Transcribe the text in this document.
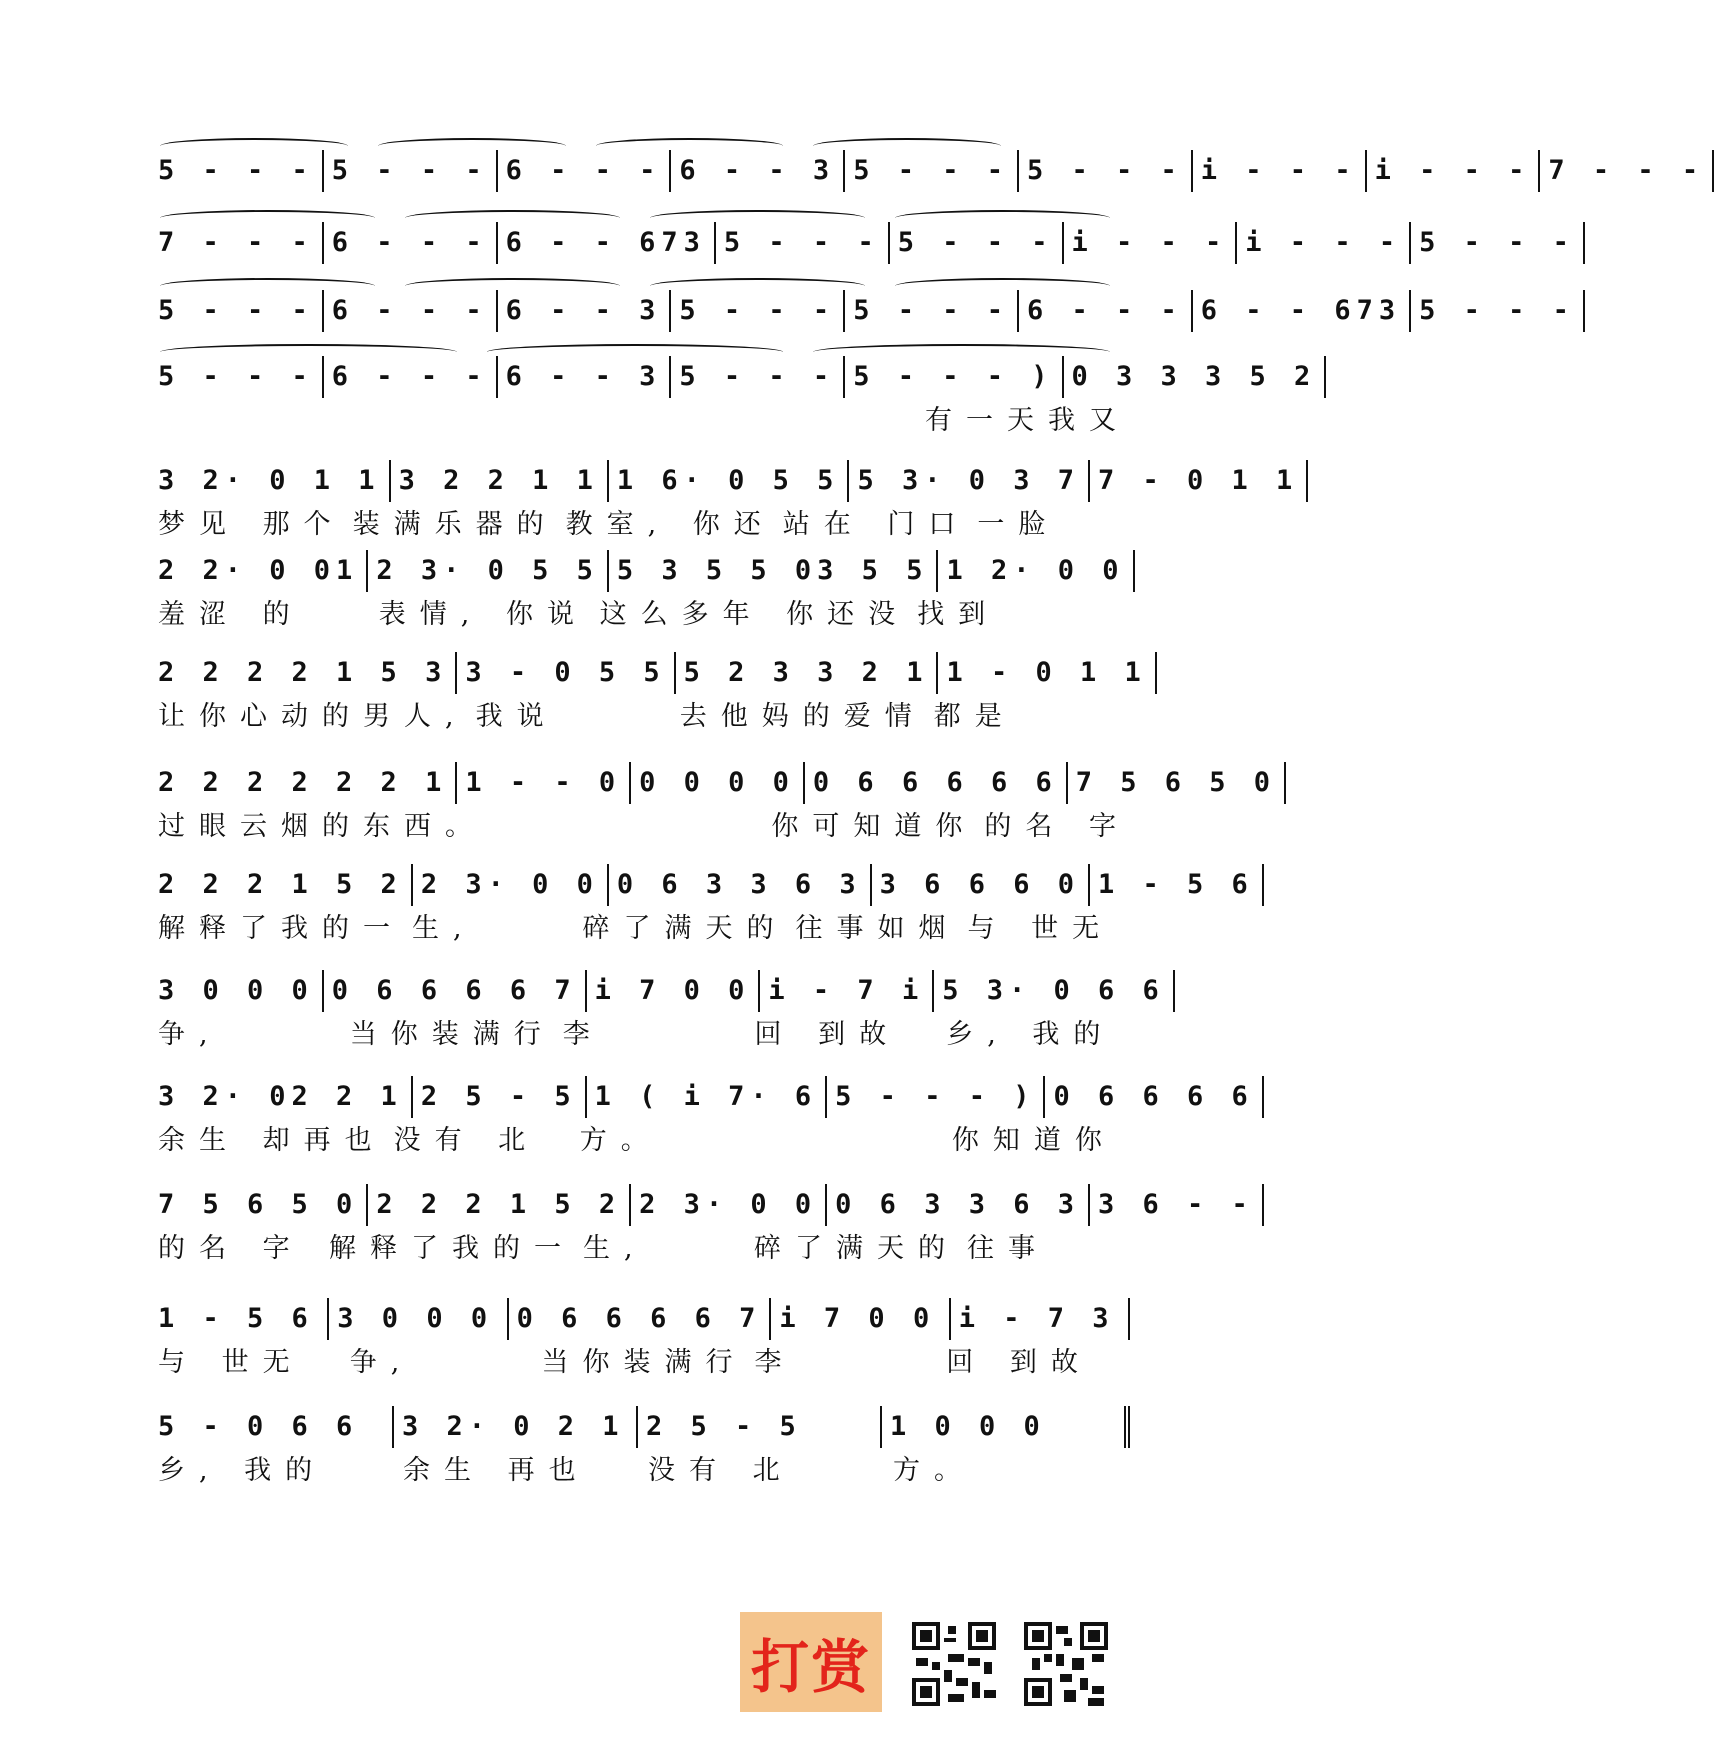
5 - - - 5 - - - 6 - - - 6 - - 3 5 - - - 5 - - - i - - - i - - - 7 - - -
7 - - - 6 - - - 6 - - 673 5 - - - 5 - - - i - - - i - - - 5 - - -
5 - - - 6 - - - 6 - - 3 5 - - - 5 - - - 6 - - - 6 - - 673 5 - - -
5 - - - 6 - - - 6 - - 3 5 - - - 5 - - - ) 0 3 3 3 5 2
有一天我又
3 2· 0 1 1 3 2 2 1 1 1 6· 0 5 5 5 3· 0 3 7 7 - 0 1 1
梦见 那个 装满乐器的 教室, 你还 站在 门口 一脸
2 2· 0 01 2 3· 0 5 5 5 3 5 5 03 5 5 1 2· 0 0
羞涩 的	表情, 你说 这么多年 你还没 找到
2 2 2 2 1 5 3 3 - 0 5 5 5 2 3 3 2 1 1 - 0 1 1
让你心动的男人, 我说	去他妈的爱情 都是
2 2 2 2 2 2 1 1 - - 0 0 0 0 0 0 6 6 6 6 6 7 5 6 5 0
过眼云烟的东西。	你可知道你 的名 字
2 2 2 1 5 2 2 3· 0 0 0 6 3 3 6 3 3 6 6 6 0 1 - 5 6
解释了我的一 生,	碎了满天的 往事如烟 与 世无
3 0 0 0 0 6 6 6 6 7 i 7 0 0 i - 7 i 5 3· 0 6 6
争,	当你装满行 李	回 到故	乡, 我的
3 2· 02 2 1 2 5 - 5 1 ( i 7· 6 5 - - - ) 0 6 6 6 6
余生 却再也 没有 北	方。	你知道你
7 5 6 5 0 2 2 2 1 5 2 2 3· 0 0 0 6 3 3 6 3 3 6 - -
的名 字 解释了我的一 生,	碎了满天的 往事
1 - 5 6 3 0 0 0 0 6 6 6 6 7 i 7 0 0 i - 7 3
与 世无	争,	当你装满行 李	回 到故
5 - 0 6 6	3 2· 0 2 1 2 5 - 5	1 0 0 0
乡, 我的	余生 再也	没有 北	方。
打赏
